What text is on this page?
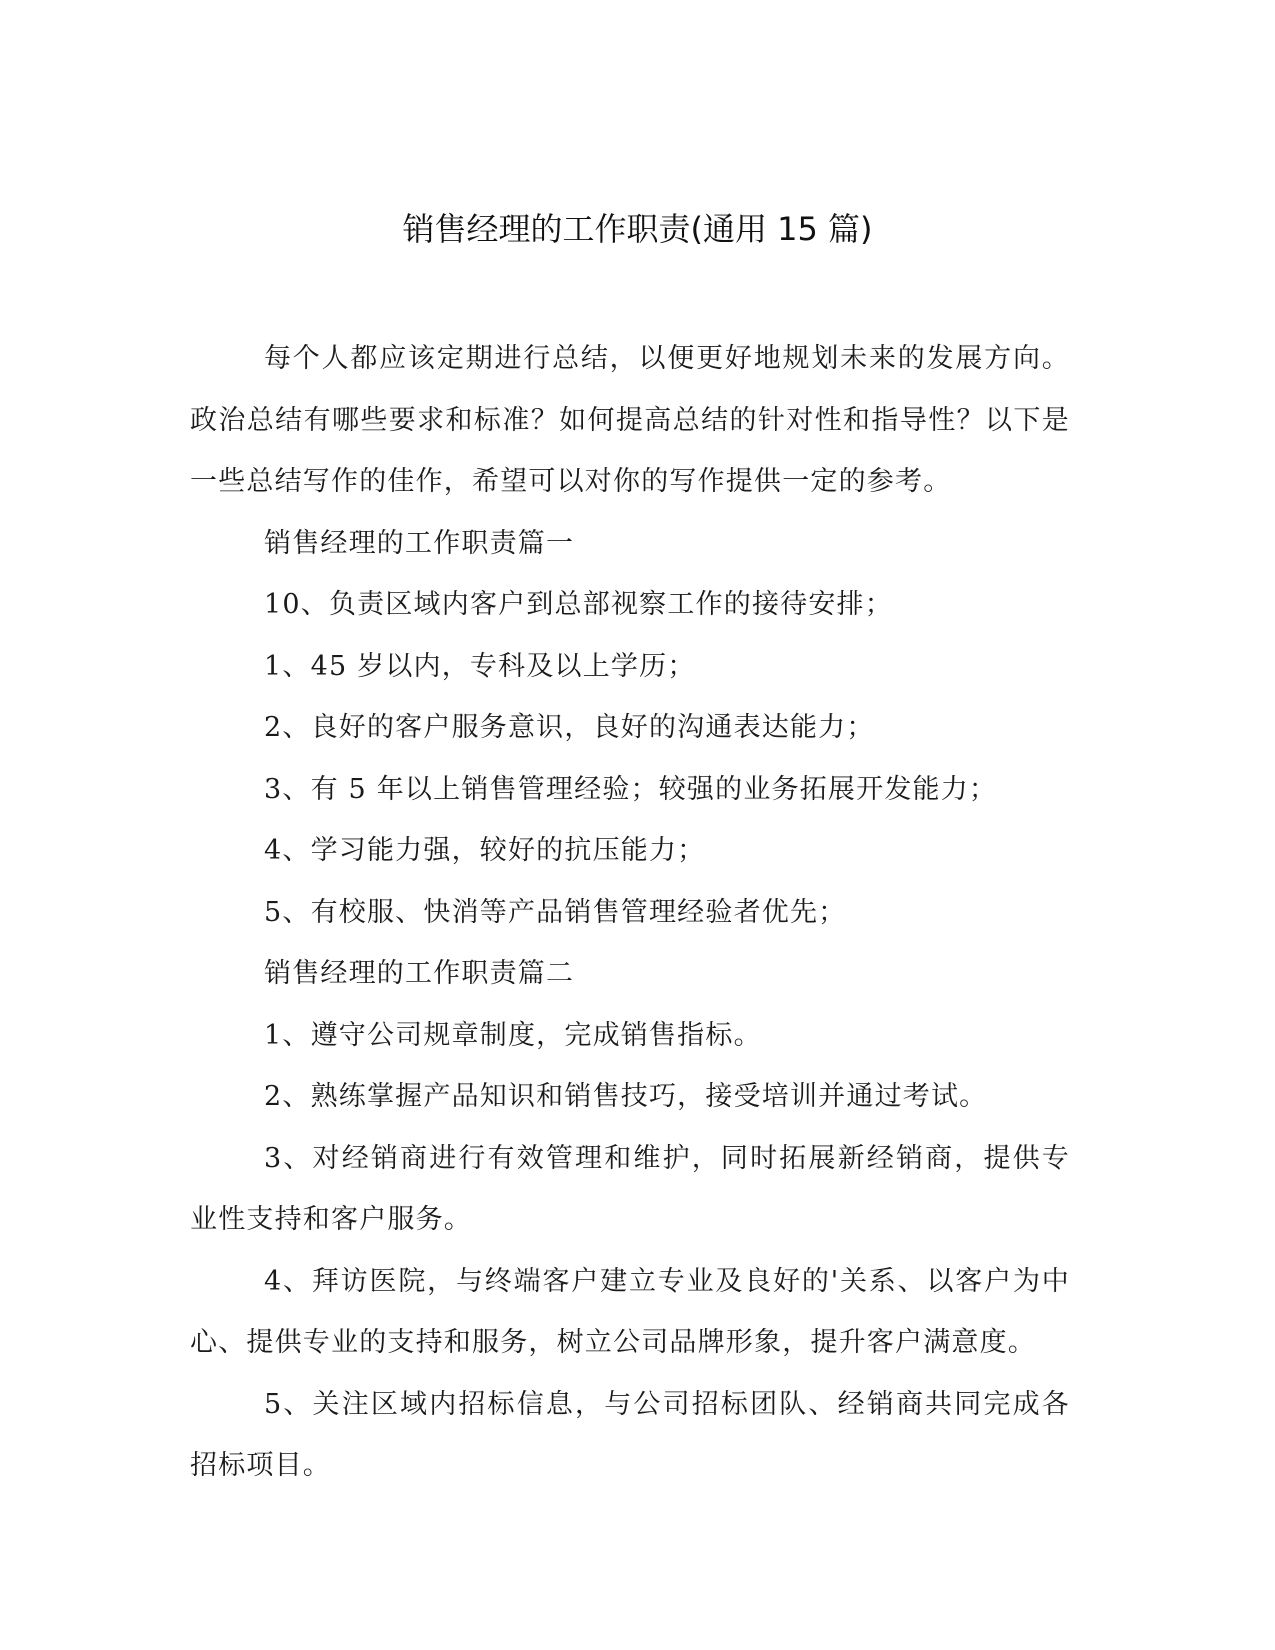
销售经理的工作职责(通用 15 篇)

每个人都应该定期进行总结，以便更好地规划未来的发展方向。政治总结有哪些要求和标准？如何提高总结的针对性和指导性？以下是一些总结写作的佳作，希望可以对你的写作提供一定的参考。

销售经理的工作职责篇一

10、负责区域内客户到总部视察工作的接待安排；

1、45 岁以内，专科及以上学历；

2、良好的客户服务意识，良好的沟通表达能力；

3、有 5 年以上销售管理经验；较强的业务拓展开发能力；

4、学习能力强，较好的抗压能力；

5、有校服、快消等产品销售管理经验者优先；

销售经理的工作职责篇二

1、遵守公司规章制度，完成销售指标。

2、熟练掌握产品知识和销售技巧，接受培训并通过考试。

3、对经销商进行有效管理和维护，同时拓展新经销商，提供专业性支持和客户服务。

4、拜访医院，与终端客户建立专业及良好的'关系、以客户为中心、提供专业的支持和服务，树立公司品牌形象，提升客户满意度。

5、关注区域内招标信息，与公司招标团队、经销商共同完成各招标项目。
